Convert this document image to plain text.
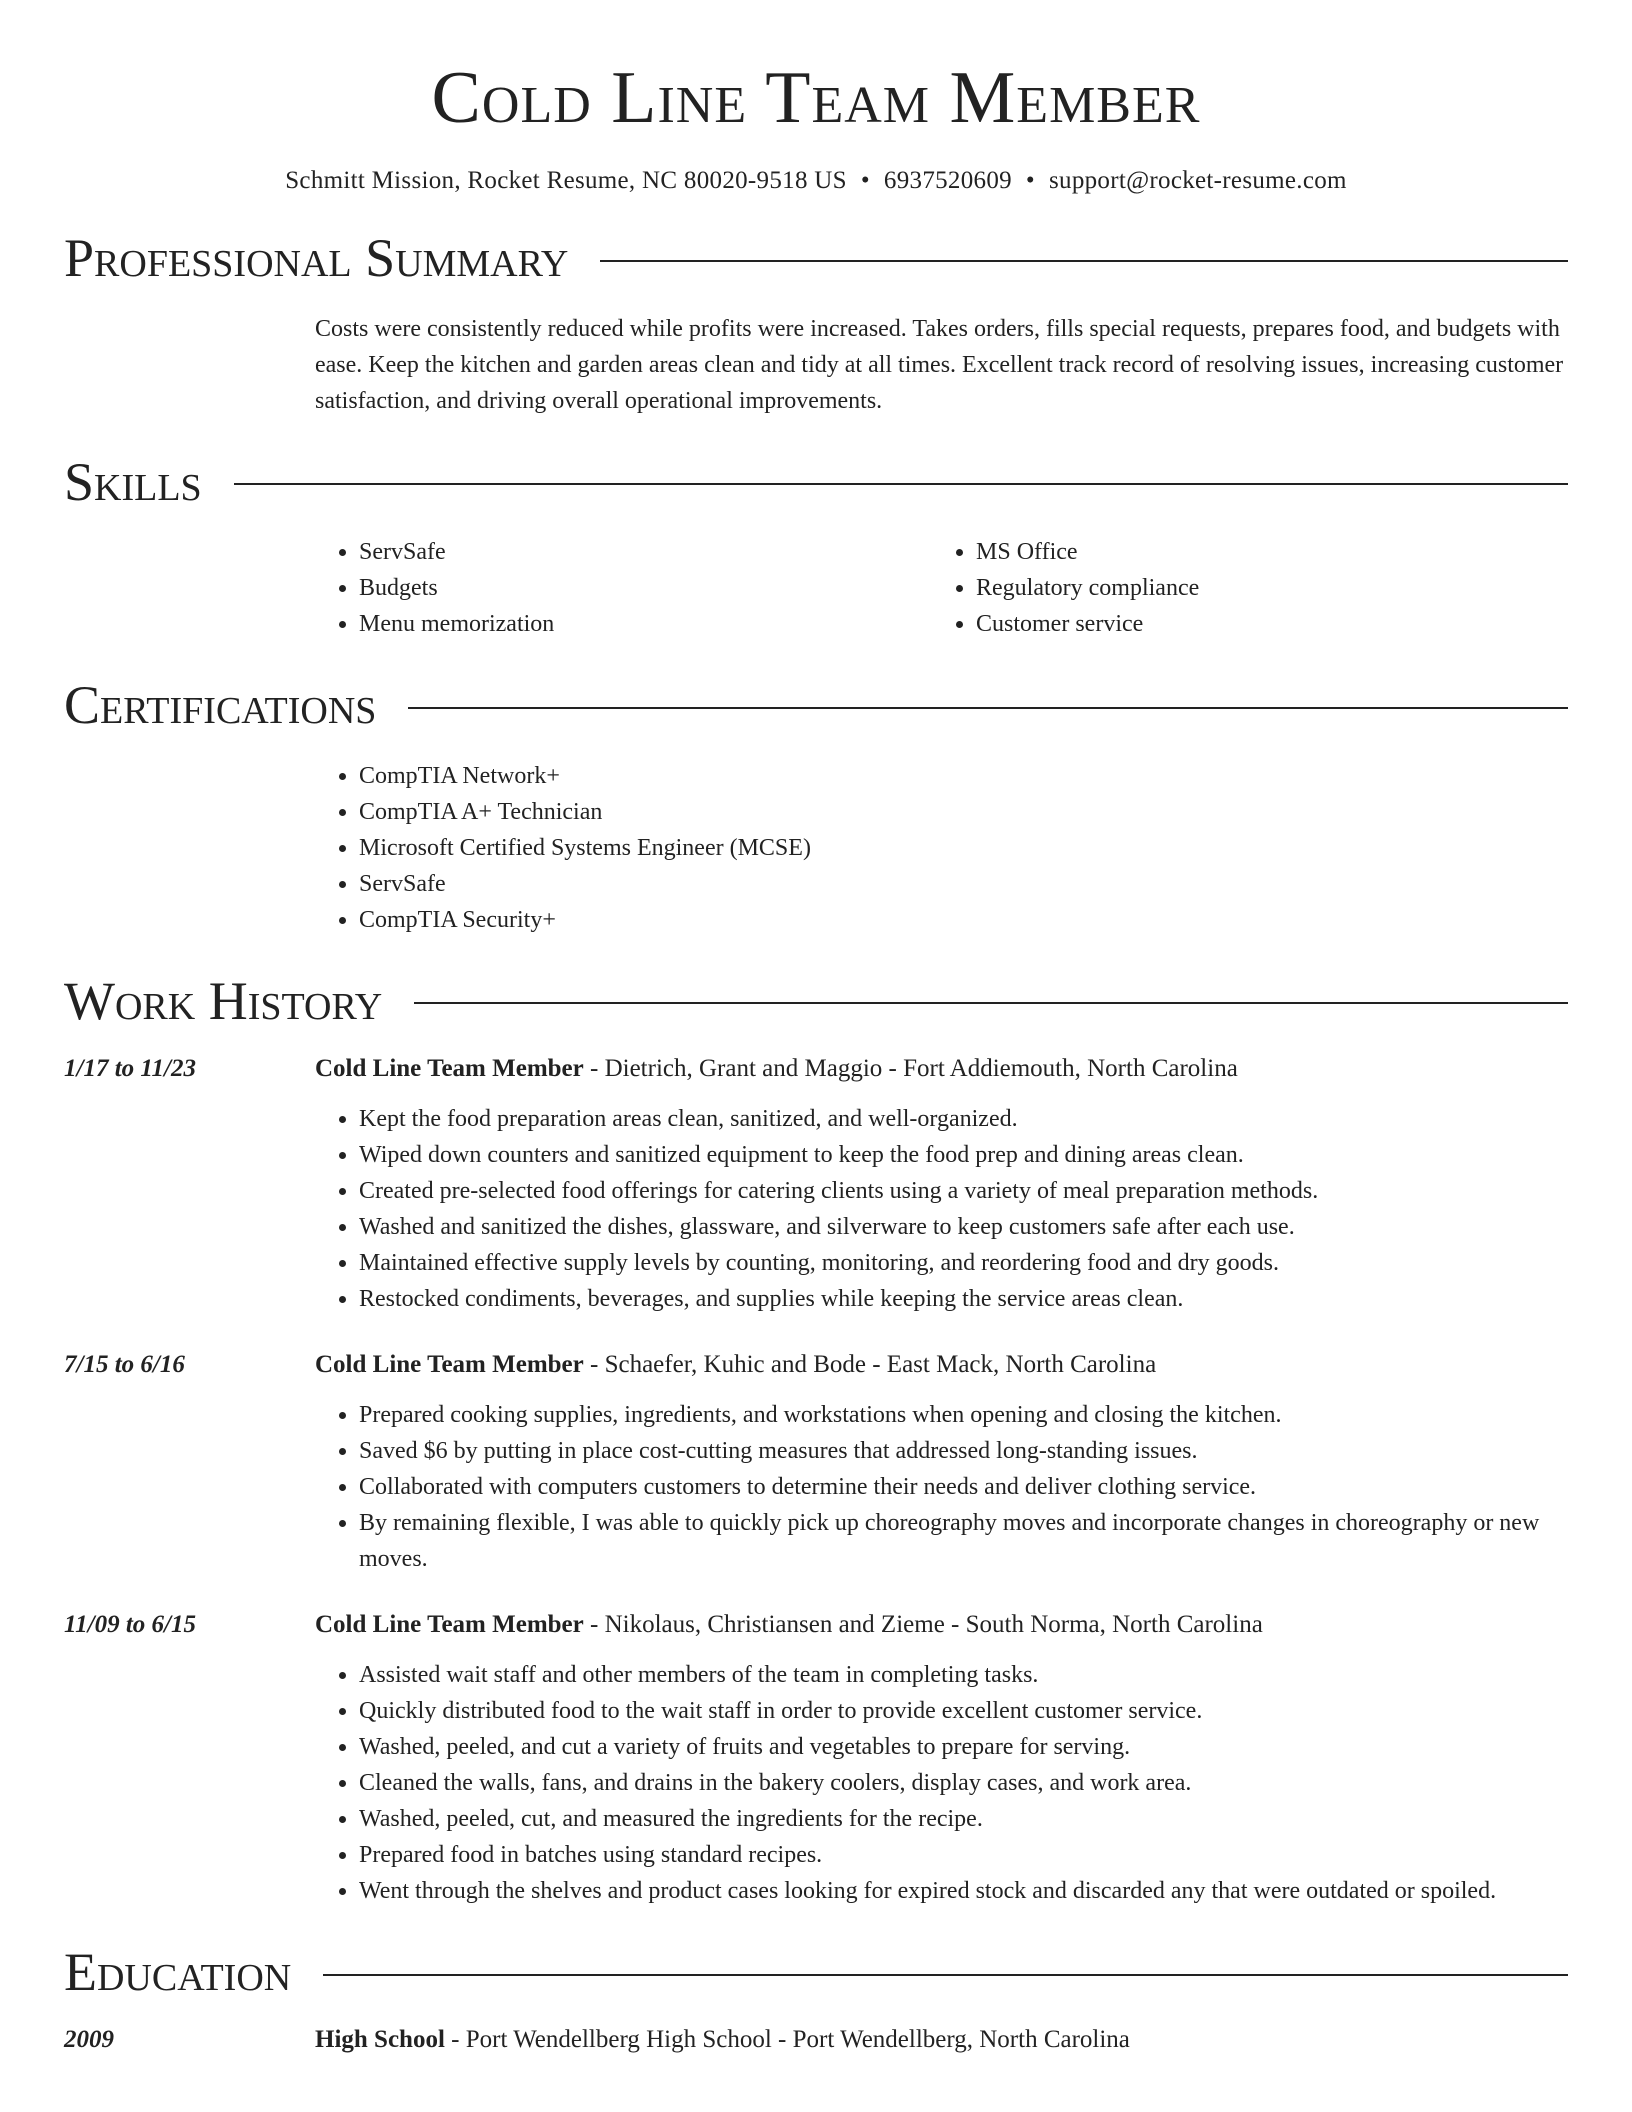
Cold Line Team Member
Schmitt Mission, Rocket Resume, NC 80020-9518 US • 6937520609 • support@rocket-resume.com
Professional Summary

Costs were consistently reduced while profits were increased. Takes orders, fills special requests, prepares food, and budgets with ease. Keep the kitchen and garden areas clean and tidy at all times. Excellent track record of resolving issues, increasing customer satisfaction, and driving overall operational improvements.

Skills
• ServSafe
• Budgets
• Menu memorization
• MS Office
• Regulatory compliance
• Customer service
Certifications
• CompTIA Network+
• CompTIA A+ Technician
• Microsoft Certified Systems Engineer (MCSE)
• ServSafe
• CompTIA Security+
Work History
1/17 to 11/23	Cold Line Team Member - Dietrich, Grant and Maggio - Fort Addiemouth, North Carolina
• Kept the food preparation areas clean, sanitized, and well-organized.
• Wiped down counters and sanitized equipment to keep the food prep and dining areas clean.
• Created pre-selected food offerings for catering clients using a variety of meal preparation methods.
• Washed and sanitized the dishes, glassware, and silverware to keep customers safe after each use.
• Maintained effective supply levels by counting, monitoring, and reordering food and dry goods.
• Restocked condiments, beverages, and supplies while keeping the service areas clean.
7/15 to 6/16	Cold Line Team Member - Schaefer, Kuhic and Bode - East Mack, North Carolina
• Prepared cooking supplies, ingredients, and workstations when opening and closing the kitchen.
• Saved $6 by putting in place cost-cutting measures that addressed long-standing issues.
• Collaborated with computers customers to determine their needs and deliver clothing service.
• By remaining flexible, I was able to quickly pick up choreography moves and incorporate changes in choreography or new moves.
11/09 to 6/15	Cold Line Team Member - Nikolaus, Christiansen and Zieme - South Norma, North Carolina
• Assisted wait staff and other members of the team in completing tasks.
• Quickly distributed food to the wait staff in order to provide excellent customer service.
• Washed, peeled, and cut a variety of fruits and vegetables to prepare for serving.
• Cleaned the walls, fans, and drains in the bakery coolers, display cases, and work area.
• Washed, peeled, cut, and measured the ingredients for the recipe.
• Prepared food in batches using standard recipes.
• Went through the shelves and product cases looking for expired stock and discarded any that were outdated or spoiled.
Education
2009	High School - Port Wendellberg High School - Port Wendellberg, North Carolina
